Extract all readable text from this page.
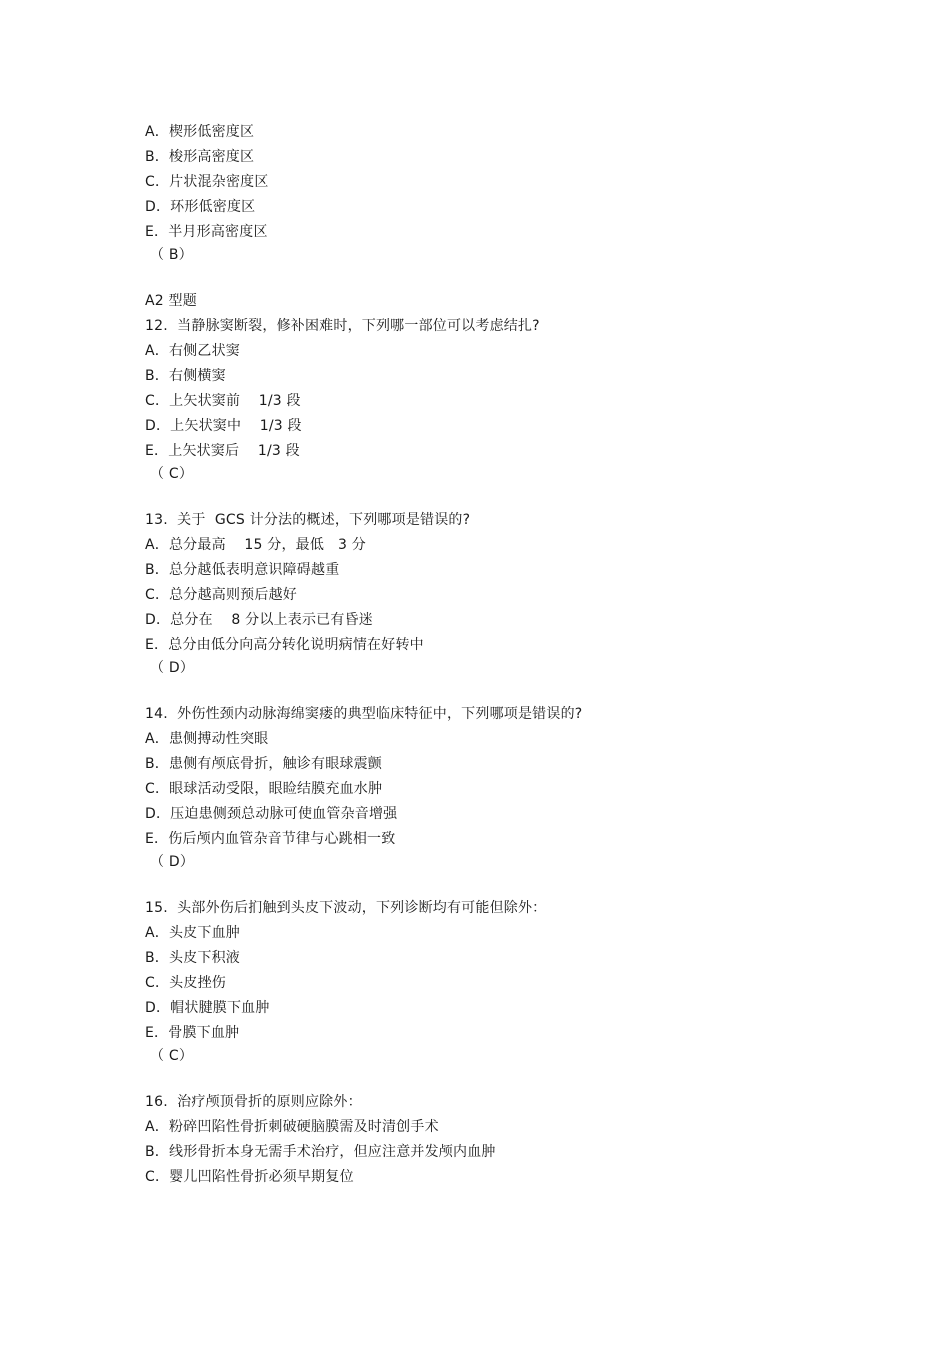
A．楔形低密度区
B．梭形高密度区
C．片状混杂密度区
D．环形低密度区
E．半月形高密度区
（ B）
A2 型题
12.  当静脉窦断裂，修补困难时，下列哪一部位可以考虑结扎?
A．右侧乙状窦
B．右侧横窦
C．上矢状窦前    1/3 段
D．上矢状窦中    1/3 段
E．上矢状窦后    1/3 段
（ C）
13.  关于  GCS 计分法的概述，下列哪项是错误的?
A．总分最高    15 分，最低   3 分
B．总分越低表明意识障碍越重
C．总分越高则预后越好
D．总分在    8 分以上表示已有昏迷
E．总分由低分向高分转化说明病情在好转中
（ D）
14.  外伤性颈内动脉海绵窦瘘的典型临床特征中，下列哪项是错误的?
A．患侧搏动性突眼
B．患侧有颅底骨折，触诊有眼球震颤
C．眼球活动受限，眼睑结膜充血水肿
D．压迫患侧颈总动脉可使血管杂音增强
E．伤后颅内血管杂音节律与心跳相一致
（ D）
15.  头部外伤后扪触到头皮下波动，下列诊断均有可能但除外：
A．头皮下血肿
B．头皮下积液
C．头皮挫伤
D．帽状腱膜下血肿
E．骨膜下血肿
（ C）
16.  治疗颅顶骨折的原则应除外：
A．粉碎凹陷性骨折刺破硬脑膜需及时清创手术
B．线形骨折本身无需手术治疗，但应注意并发颅内血肿
C．婴儿凹陷性骨折必须早期复位
